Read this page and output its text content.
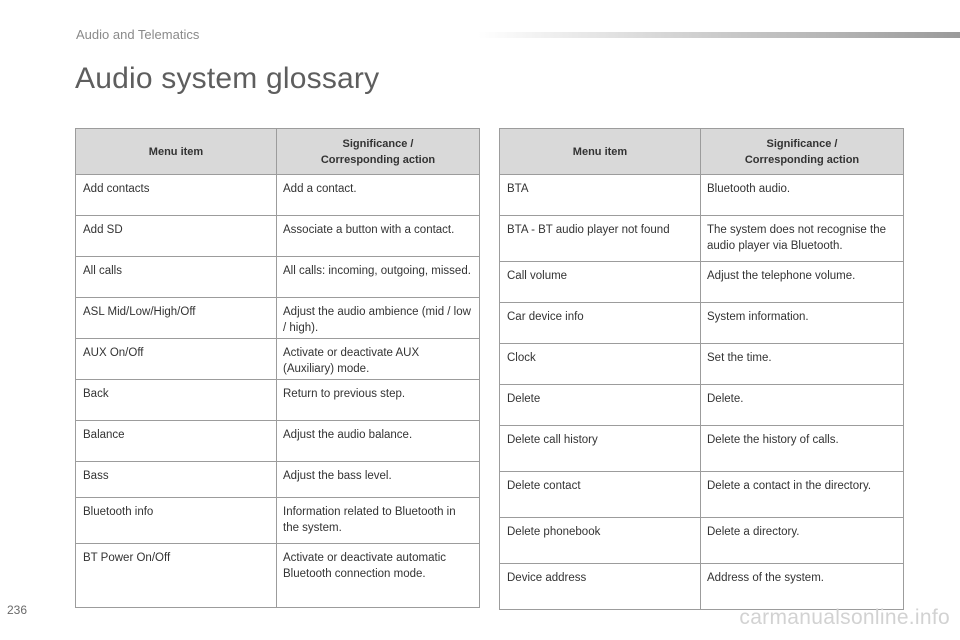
Audio and Telematics
Audio system glossary
Menu item	Significance /
Corresponding action

Add contacts	Add a contact.
Add SD	Associate a button with a contact.
All calls	All calls: incoming, outgoing, missed.
ASL Mid/Low/High/Off	Adjust the audio ambience (mid / low / high).
AUX On/Off	Activate or deactivate AUX (Auxiliary) mode.
Back	Return to previous step.
Balance	Adjust the audio balance.
Bass	Adjust the bass level.
Bluetooth info	Information related to Bluetooth in the system.
BT Power On/Off	Activate or deactivate automatic Bluetooth connection mode.
Menu item	Significance /
Corresponding action

BTA	Bluetooth audio.
BTA - BT audio player not found	The system does not recognise the audio player via Bluetooth.
Call volume	Adjust the telephone volume.
Car device info	System information.
Clock	Set the time.
Delete	Delete.
Delete call history	Delete the history of calls.
Delete contact	Delete a contact in the directory.
Delete phonebook	Delete a directory.
Device address	Address of the system.
236	carmanualsonline.info
